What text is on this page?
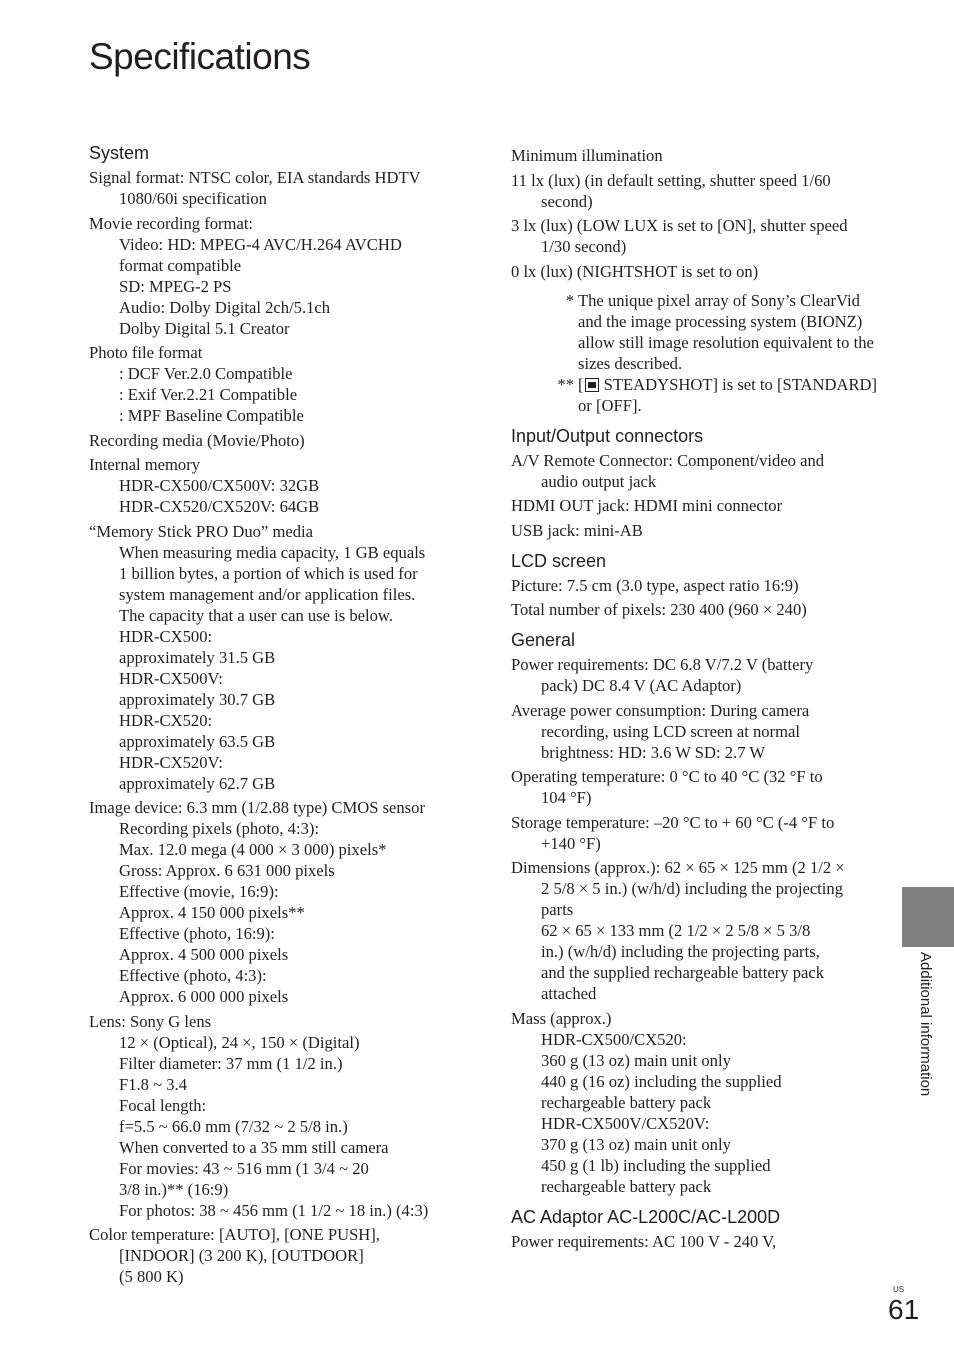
Specifications
System
Signal format: NTSC color, EIA standards HDTV
1080/60i specification
Movie recording format:
Video: HD: MPEG-4 AVC/H.264 AVCHD
format compatible
SD: MPEG-2 PS
Audio: Dolby Digital 2ch/5.1ch
Dolby Digital 5.1 Creator
Photo file format
: DCF Ver.2.0 Compatible
: Exif Ver.2.21 Compatible
: MPF Baseline Compatible
Recording media (Movie/Photo)
Internal memory
HDR-CX500/CX500V: 32GB
HDR-CX520/CX520V: 64GB
“Memory Stick PRO Duo” media
When measuring media capacity, 1 GB equals
1 billion bytes, a portion of which is used for
system management and/or application files.
The capacity that a user can use is below.
HDR-CX500:
approximately 31.5 GB
HDR-CX500V:
approximately 30.7 GB
HDR-CX520:
approximately 63.5 GB
HDR-CX520V:
approximately 62.7 GB
Image device: 6.3 mm (1/2.88 type) CMOS sensor
Recording pixels (photo, 4:3):
Max. 12.0 mega (4 000 × 3 000) pixels*
Gross: Approx. 6 631 000 pixels
Effective (movie, 16:9):
Approx. 4 150 000 pixels**
Effective (photo, 16:9):
Approx. 4 500 000 pixels
Effective (photo, 4:3):
Approx. 6 000 000 pixels
Lens: Sony G lens
12 × (Optical), 24 ×, 150 × (Digital)
Filter diameter: 37 mm (1 1/2 in.)
F1.8 ~ 3.4
Focal length:
f=5.5 ~ 66.0 mm (7/32 ~ 2 5/8 in.)
When converted to a 35 mm still camera
For movies: 43 ~ 516 mm (1 3/4 ~ 20
3/8 in.)** (16:9)
For photos: 38 ~ 456 mm (1 1/2 ~ 18 in.) (4:3)
Color temperature: [AUTO], [ONE PUSH],
[INDOOR] (3 200 K), [OUTDOOR]
(5 800 K)
Minimum illumination
11 lx (lux) (in default setting, shutter speed 1/60
second)
3 lx (lux) (LOW LUX is set to [ON], shutter speed
1/30 second)
0 lx (lux) (NIGHTSHOT is set to on)
* The unique pixel array of Sony’s ClearVid and the image processing system (BIONZ) allow still image resolution equivalent to the sizes described.
** [ STEADYSHOT] is set to [STANDARD] or [OFF].
Input/Output connectors
A/V Remote Connector: Component/video and
audio output jack
HDMI OUT jack: HDMI mini connector
USB jack: mini-AB
LCD screen
Picture: 7.5 cm (3.0 type, aspect ratio 16:9)
Total number of pixels: 230 400 (960 × 240)
General
Power requirements: DC 6.8 V/7.2 V (battery
pack) DC 8.4 V (AC Adaptor)
Average power consumption: During camera
recording, using LCD screen at normal
brightness: HD: 3.6 W SD: 2.7 W
Operating temperature: 0 °C to 40 °C (32 °F to
104 °F)
Storage temperature: –20 °C to + 60 °C (-4 °F to
+140 °F)
Dimensions (approx.): 62 × 65 × 125 mm (2 1/2 ×
2 5/8 × 5 in.) (w/h/d) including the projecting
parts
62 × 65 × 133 mm (2 1/2 × 2 5/8 × 5 3/8
in.) (w/h/d) including the projecting parts,
and the supplied rechargeable battery pack
attached
Mass (approx.)
HDR-CX500/CX520:
360 g (13 oz) main unit only
440 g (16 oz) including the supplied
rechargeable battery pack
HDR-CX500V/CX520V:
370 g (13 oz) main unit only
450 g (1 lb) including the supplied
rechargeable battery pack
AC Adaptor AC-L200C/AC-L200D
Power requirements: AC 100 V - 240 V,
Additional information
US
61
